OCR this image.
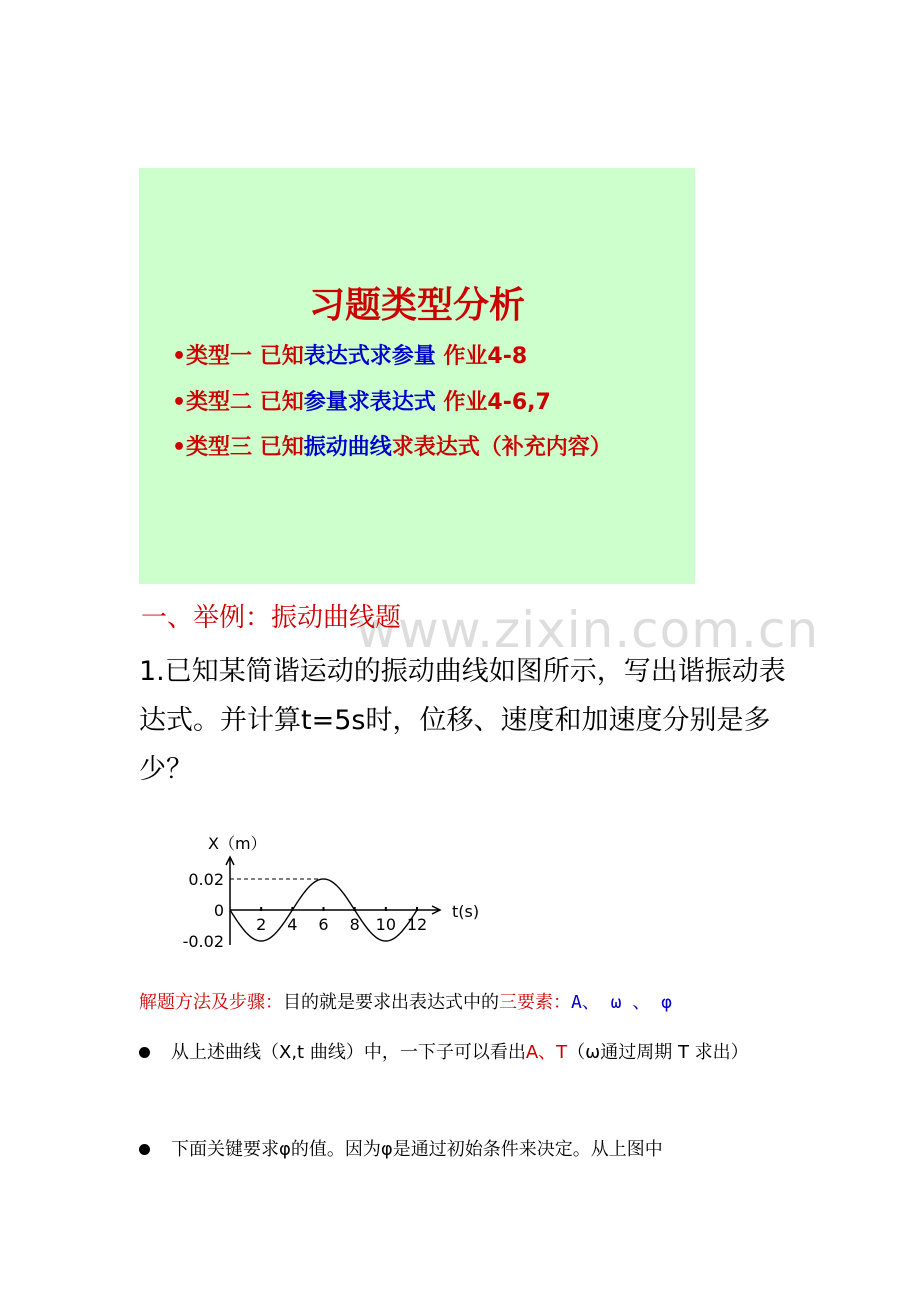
习题类型分析
•类型一 已知表达式求参量 作业4-8
•类型二 已知参量求表达式 作业4-6,7
•类型三 已知振动曲线求表达式（补充内容）
www.zixin.com.cn
一、举例：振动曲线题
1.已知某简谐运动的振动曲线如图所示，写出谐振动表达式。并计算t=5s时，位移、速度和加速度分别是多少？
X（m）
t(s)
0.02
0
-0.02
2 4 6 8 10 12
解题方法及步骤：目的就是要求出表达式中的三要素：A、 ω 、 φ
从上述曲线（X,t 曲线）中，一下子可以看出A、T（ω通过周期 T 求出）
下面关键要求φ的值。因为φ是通过初始条件来决定。从上图中
